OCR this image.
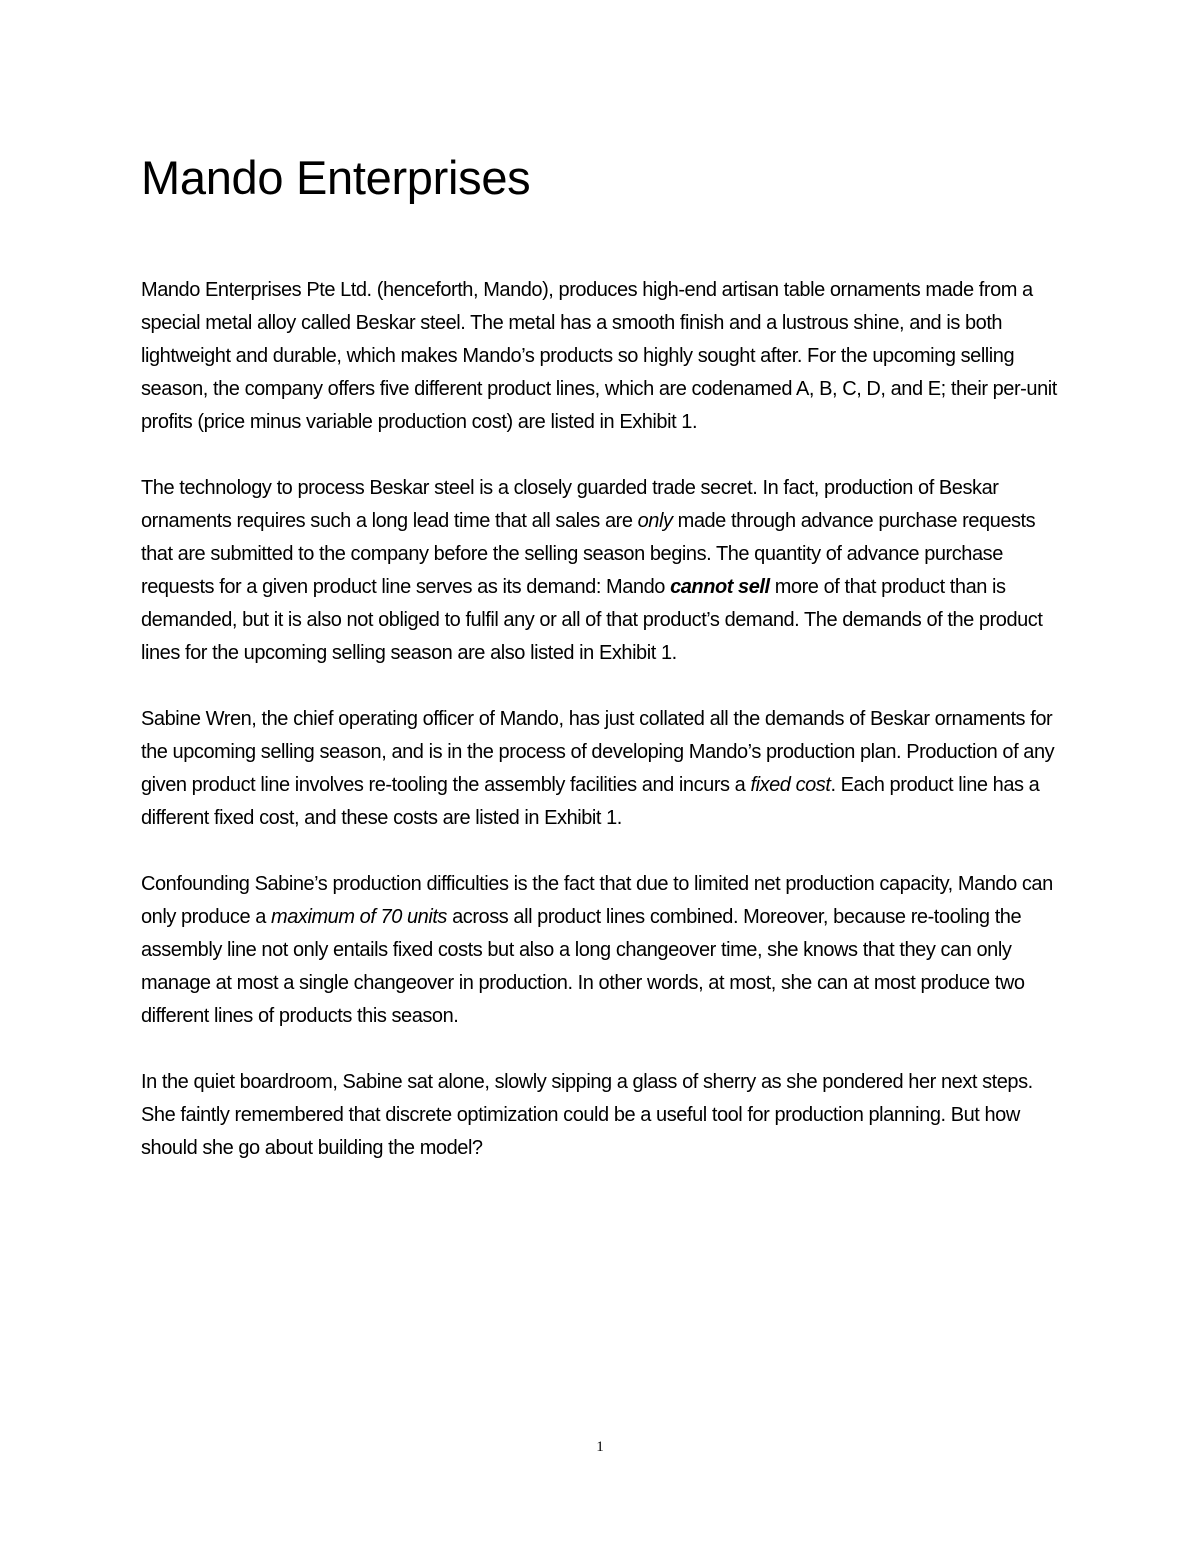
Mando Enterprises

Mando Enterprises Pte Ltd. (henceforth, Mando), produces high-end artisan table ornaments made from a special metal alloy called Beskar steel. The metal has a smooth finish and a lustrous shine, and is both lightweight and durable, which makes Mando’s products so highly sought after. For the upcoming selling season, the company offers five different product lines, which are codenamed A, B, C, D, and E; their per-unit profits (price minus variable production cost) are listed in Exhibit 1.

The technology to process Beskar steel is a closely guarded trade secret. In fact, production of Beskar ornaments requires such a long lead time that all sales are only made through advance purchase requests that are submitted to the company before the selling season begins. The quantity of advance purchase requests for a given product line serves as its demand: Mando cannot sell more of that product than is demanded, but it is also not obliged to fulfil any or all of that product’s demand. The demands of the product lines for the upcoming selling season are also listed in Exhibit 1.

Sabine Wren, the chief operating officer of Mando, has just collated all the demands of Beskar ornaments for the upcoming selling season, and is in the process of developing Mando’s production plan. Production of any given product line involves re-tooling the assembly facilities and incurs a fixed cost. Each product line has a different fixed cost, and these costs are listed in Exhibit 1.

Confounding Sabine’s production difficulties is the fact that due to limited net production capacity, Mando can only produce a maximum of 70 units across all product lines combined. Moreover, because re-tooling the assembly line not only entails fixed costs but also a long changeover time, she knows that they can only manage at most a single changeover in production. In other words, at most, she can at most produce two different lines of products this season.

In the quiet boardroom, Sabine sat alone, slowly sipping a glass of sherry as she pondered her next steps. She faintly remembered that discrete optimization could be a useful tool for production planning. But how should she go about building the model?

1
